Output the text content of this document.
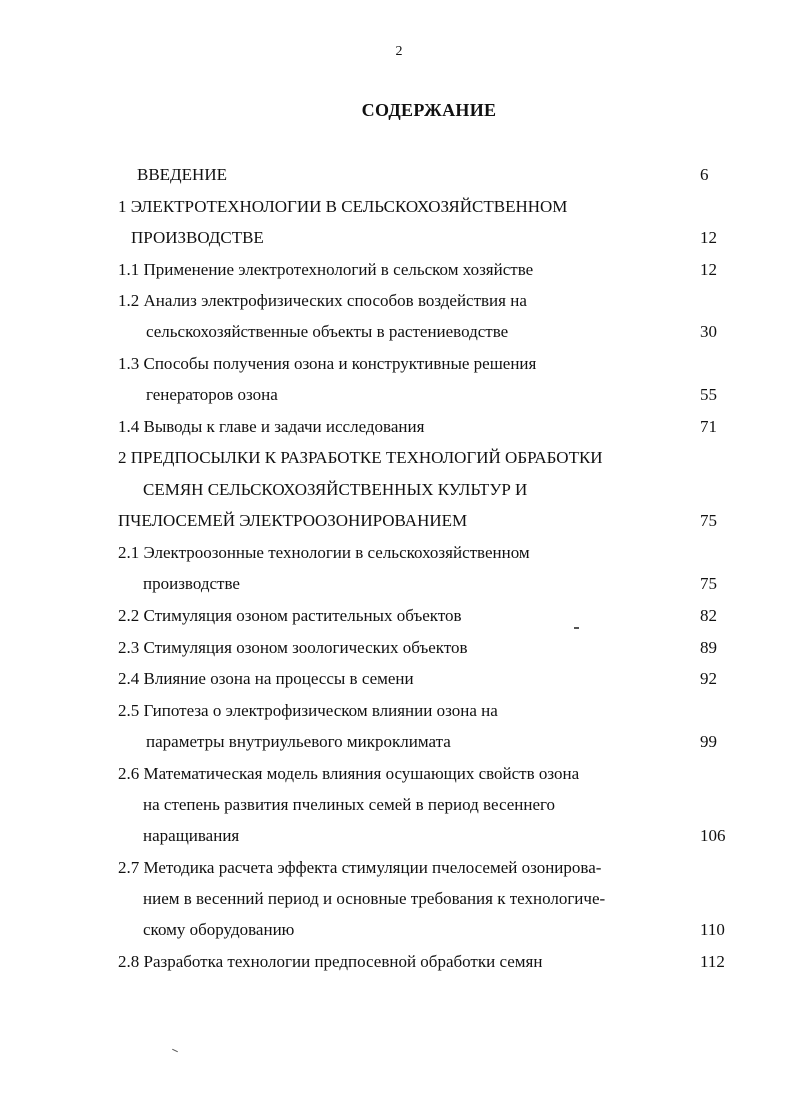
2
СОДЕРЖАНИЕ
ВВЕДЕНИЕ	6
1 ЭЛЕКТРОТЕХНОЛОГИИ В СЕЛЬСКОХОЗЯЙСТВЕННОМ
ПРОИЗВОДСТВЕ	12
1.1 Применение электротехнологий в сельском хозяйстве	12
1.2 Анализ электрофизических способов воздействия на
сельскохозяйственные объекты в растениеводстве	30
1.3 Способы получения озона и конструктивные решения
генераторов озона	55
1.4 Выводы к главе и задачи исследования	71
2 ПРЕДПОСЫЛКИ К РАЗРАБОТКЕ ТЕХНОЛОГИЙ ОБРАБОТКИ
СЕМЯН СЕЛЬСКОХОЗЯЙСТВЕННЫХ КУЛЬТУР И
ПЧЕЛОСЕМЕЙ ЭЛЕКТРООЗОНИРОВАНИЕМ	75
2.1 Электроозонные технологии в сельскохозяйственном
производстве	75
2.2 Стимуляция озоном растительных объектов	82
2.3 Стимуляция озоном зоологических объектов	89
2.4 Влияние озона на процессы в семени	92
2.5 Гипотеза о электрофизическом влиянии озона на
параметры внутриульевого микроклимата	99
2.6 Математическая модель влияния осушающих свойств озона
на степень развития пчелиных семей в период весеннего
наращивания	106
2.7 Методика расчета эффекта стимуляции пчелосемей озонирова-
нием в весенний период и основные требования к технологиче-
скому оборудованию	110
2.8 Разработка технологии предпосевной обработки семян	112
